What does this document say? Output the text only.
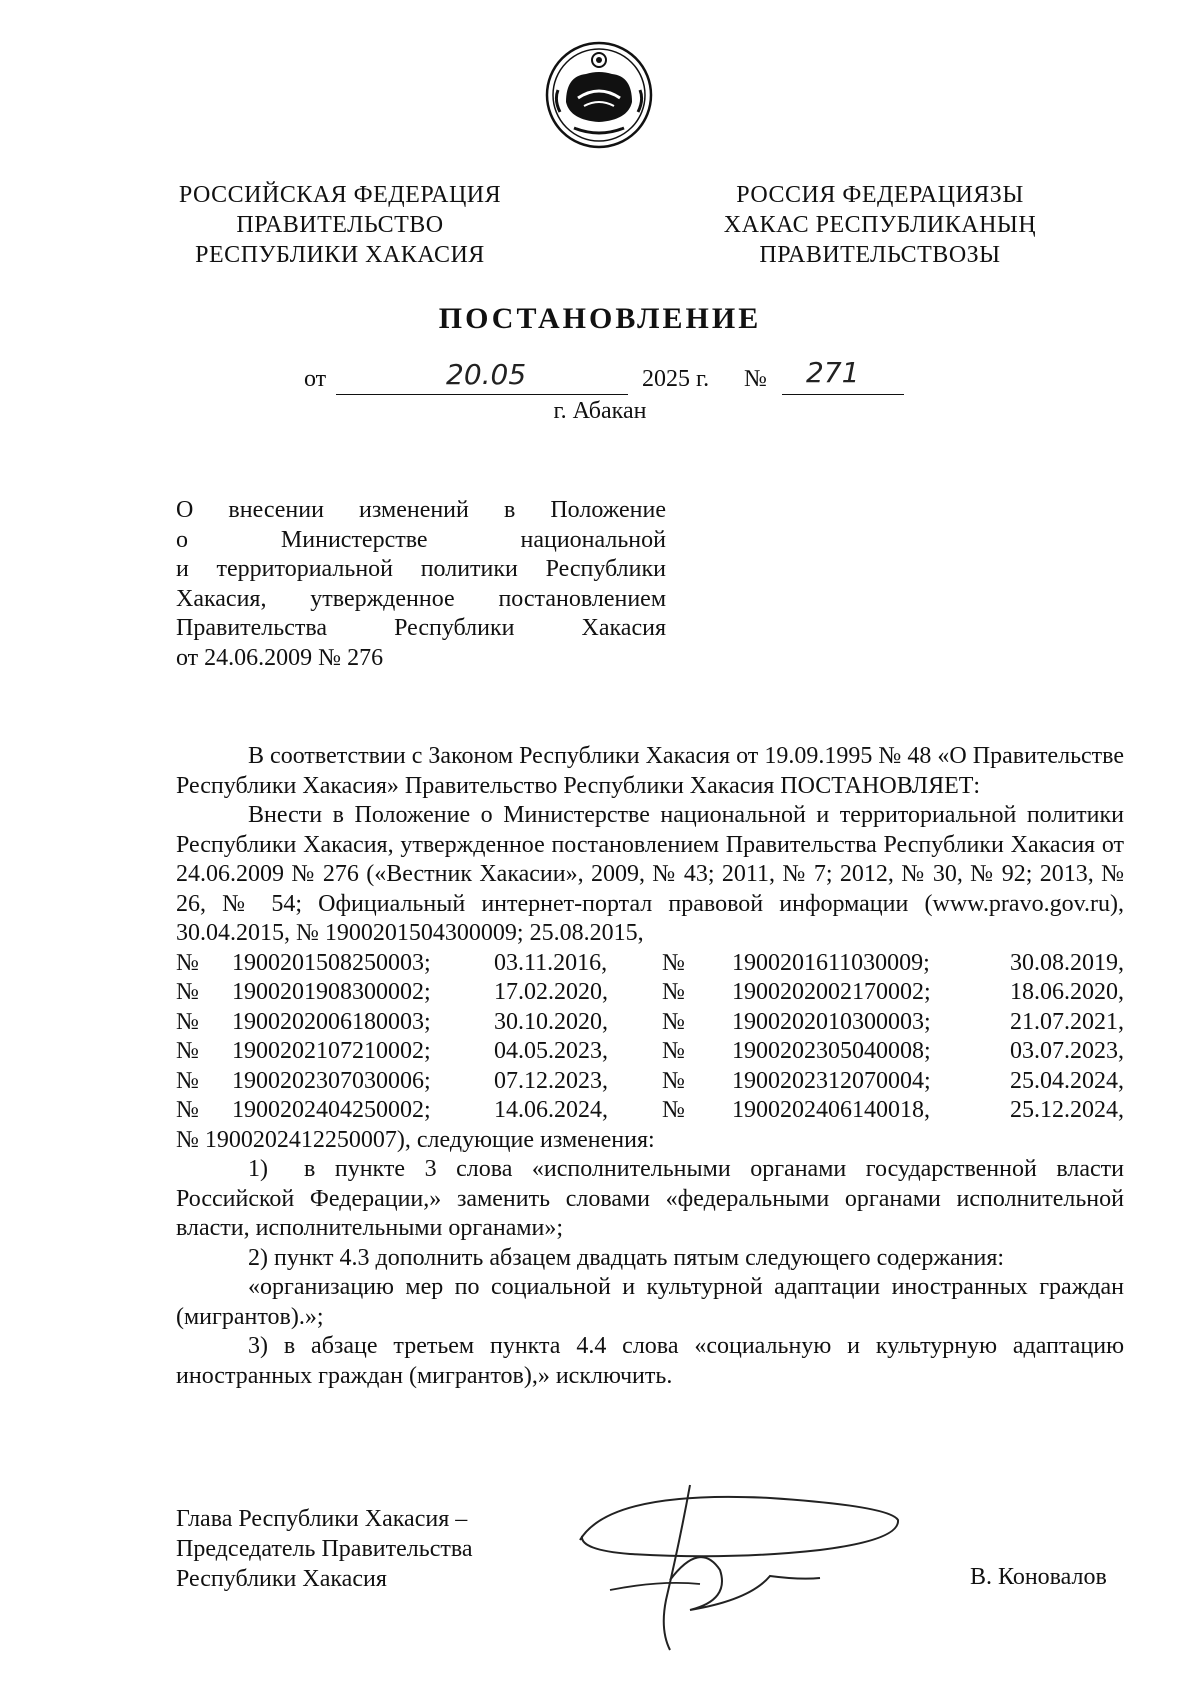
РОССИЙСКАЯ ФЕДЕРАЦИЯ
ПРАВИТЕЛЬСТВО
РЕСПУБЛИКИ ХАКАСИЯ
РОССИЯ ФЕДЕРАЦИЯЗЫ
ХАКАС РЕСПУБЛИКАНЫҢ
ПРАВИТЕЛЬСТВОЗЫ
ПОСТАНОВЛЕНИЕ
от	20.05	2025 г. № 271
г. Абакан
О внесении изменений в Положение
о Министерстве национальной
и территориальной политики Республики
Хакасия, утвержденное постановлением
Правительства Республики Хакасия
от 24.06.2009 № 276
В соответствии с Законом Республики Хакасия от 19.09.1995 № 48 «О Правительстве Республики Хакасия» Правительство Республики Хакасия ПОСТАНОВЛЯЕТ:
Внести в Положение о Министерстве национальной и территориальной политики Республики Хакасия, утвержденное постановлением Правительства Республики Хакасия от 24.06.2009 № 276 («Вестник Хакасии», 2009, № 43; 2011, № 7; 2012, № 30, № 92; 2013, № 26, № 54; Официальный интернет-портал правовой информации (www.pravo.gov.ru), 30.04.2015, № 1900201504300009; 25.08.2015,
№	1900201508250003;	03.11.2016,	№	1900201611030009;	30.08.2019,
№	1900201908300002;	17.02.2020,	№	1900202002170002;	18.06.2020,
№	1900202006180003;	30.10.2020,	№	1900202010300003;	21.07.2021,
№	1900202107210002;	04.05.2023,	№	1900202305040008;	03.07.2023,
№	1900202307030006;	07.12.2023,	№	1900202312070004;	25.04.2024,
№	1900202404250002;	14.06.2024,	№	1900202406140018,	25.12.2024,
№ 1900202412250007), следующие изменения:
1)  в пункте 3 слова «исполнительными органами государственной власти Российской Федерации,» заменить словами «федеральными органами исполнительной власти, исполнительными органами»;
2) пункт 4.3 дополнить абзацем двадцать пятым следующего содержания:
«организацию мер по социальной и культурной адаптации иностранных граждан (мигрантов).»;
3) в абзаце третьем пункта 4.4 слова «социальную и культурную адаптацию иностранных граждан (мигрантов),» исключить.
Глава Республики Хакасия –
Председатель Правительства
Республики Хакасия	В. Коновалов
